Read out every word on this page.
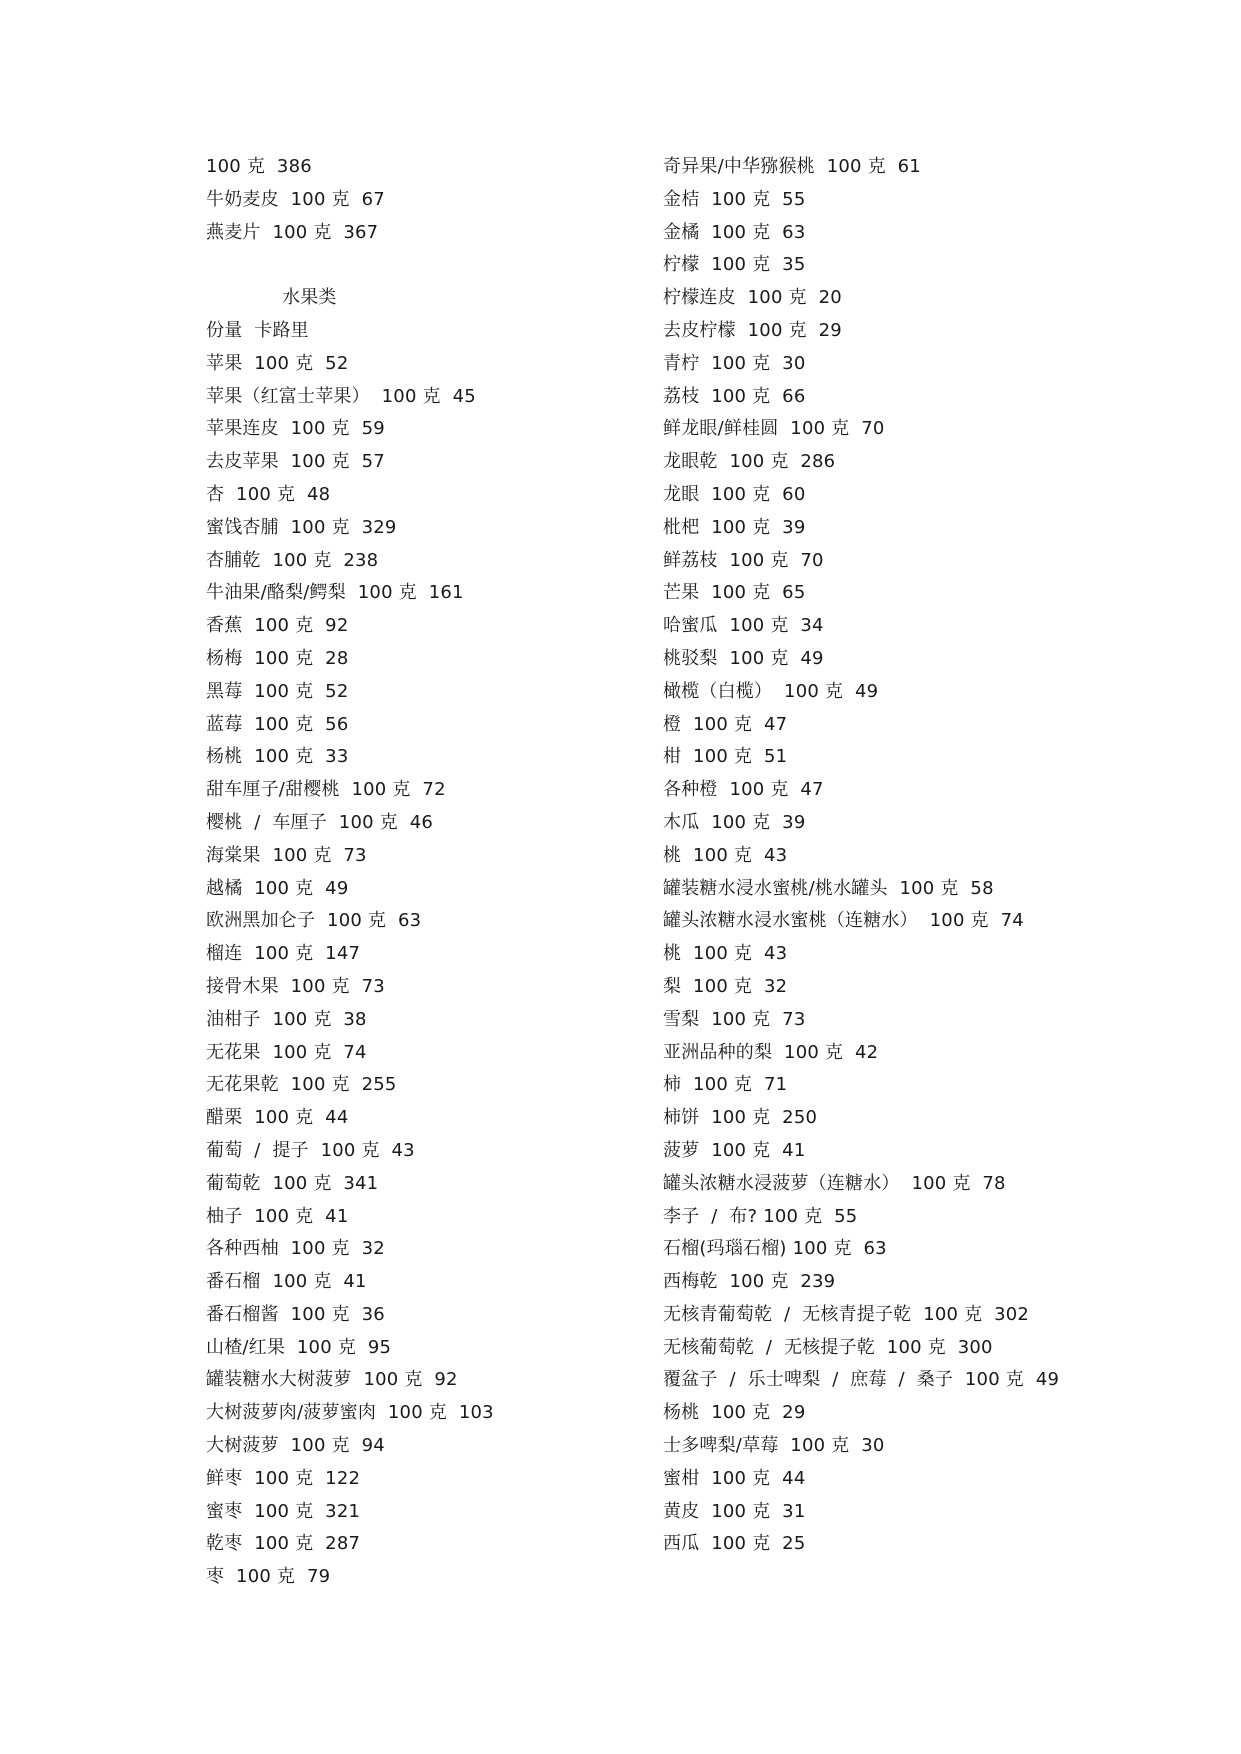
100 克  386
牛奶麦皮  100 克  67
燕麦片  100 克  367
水果类
份量  卡路里
苹果  100 克  52
苹果（红富士苹果）  100 克  45
苹果连皮  100 克  59
去皮苹果  100 克  57
杏  100 克  48
蜜饯杏脯  100 克  329
杏脯乾  100 克  238
牛油果/酪梨/鳄梨  100 克  161
香蕉  100 克  92
杨梅  100 克  28
黑莓  100 克  52
蓝莓  100 克  56
杨桃  100 克  33
甜车厘子/甜樱桃  100 克  72
樱桃  /  车厘子  100 克  46
海棠果  100 克  73
越橘  100 克  49
欧洲黑加仑子  100 克  63
榴连  100 克  147
接骨木果  100 克  73
油柑子  100 克  38
无花果  100 克  74
无花果乾  100 克  255
醋栗  100 克  44
葡萄  /  提子  100 克  43
葡萄乾  100 克  341
柚子  100 克  41
各种西柚  100 克  32
番石榴  100 克  41
番石榴酱  100 克  36
山楂/红果  100 克  95
罐装糖水大树菠萝  100 克  92
大树菠萝肉/菠萝蜜肉  100 克  103
大树菠萝  100 克  94
鲜枣  100 克  122
蜜枣  100 克  321
乾枣  100 克  287
枣  100 克  79
奇异果/中华猕猴桃  100 克  61
金桔  100 克  55
金橘  100 克  63
柠檬  100 克  35
柠檬连皮  100 克  20
去皮柠檬  100 克  29
青柠  100 克  30
荔枝  100 克  66
鲜龙眼/鲜桂圆  100 克  70
龙眼乾  100 克  286
龙眼  100 克  60
枇杷  100 克  39
鲜荔枝  100 克  70
芒果  100 克  65
哈蜜瓜  100 克  34
桃驳梨  100 克  49
橄榄（白榄）  100 克  49
橙  100 克  47
柑  100 克  51
各种橙  100 克  47
木瓜  100 克  39
桃  100 克  43
罐装糖水浸水蜜桃/桃水罐头  100 克  58
罐头浓糖水浸水蜜桃（连糖水）  100 克  74
桃  100 克  43
梨  100 克  32
雪梨  100 克  73
亚洲品种的梨  100 克  42
柿  100 克  71
柿饼  100 克  250
菠萝  100 克  41
罐头浓糖水浸菠萝（连糖水）  100 克  78
李子  /  布? 100 克  55
石榴(玛瑙石榴) 100 克  63
西梅乾  100 克  239
无核青葡萄乾  /  无核青提子乾  100 克  302
无核葡萄乾  /  无核提子乾  100 克  300
覆盆子  /  乐士啤梨  /  庶莓  /  桑子  100 克  49
杨桃  100 克  29
士多啤梨/草莓  100 克  30
蜜柑  100 克  44
黄皮  100 克  31
西瓜  100 克  25
